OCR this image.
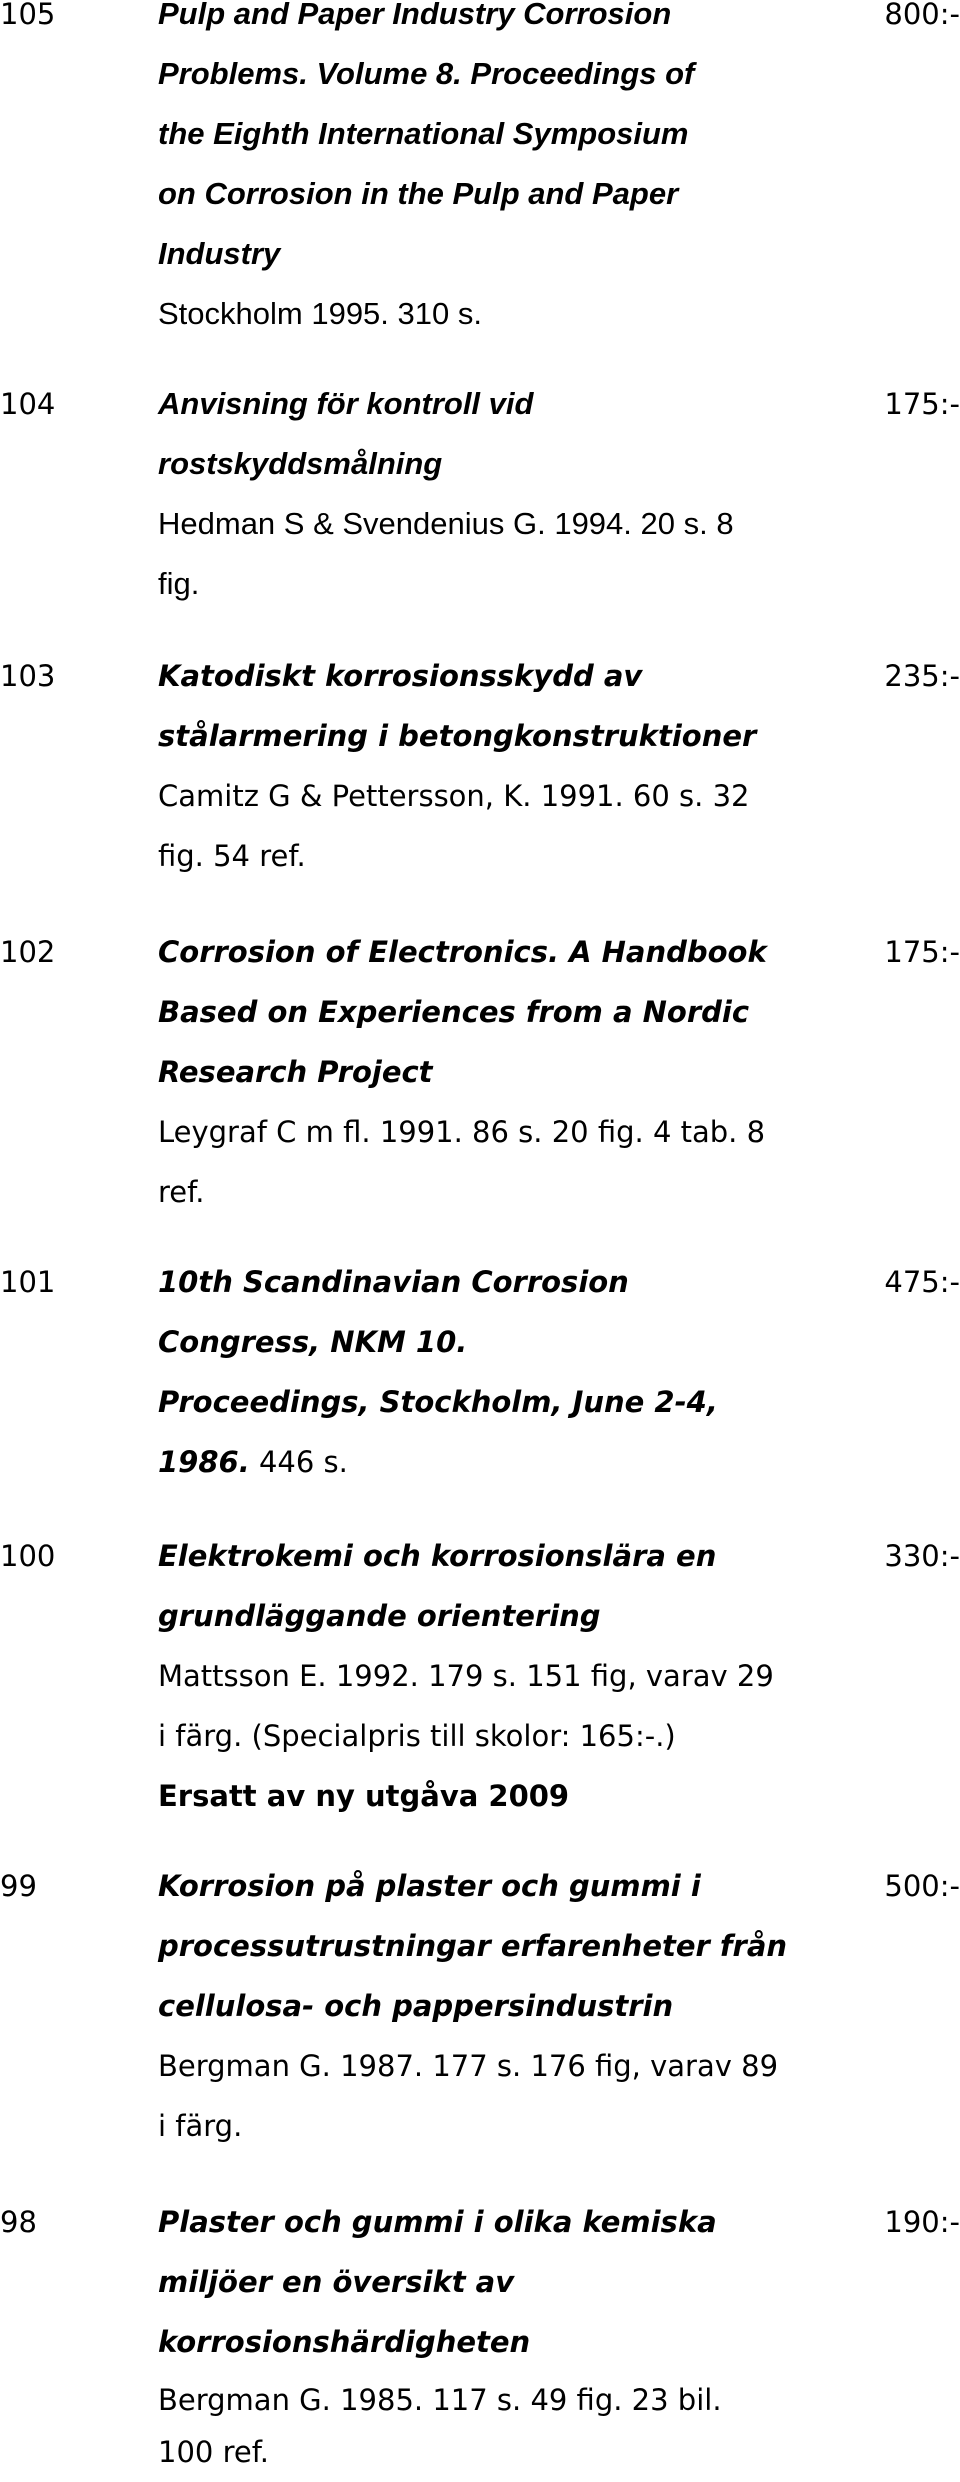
105	Pulp and Paper Industry Corrosion
Problems. Volume 8. Proceedings of
the Eighth International Symposium
on Corrosion in the Pulp and Paper
Industry
Stockholm 1995. 310 s.
800:-
104	Anvisning för kontroll vid
rostskyddsmålning
Hedman S & Svendenius G. 1994. 20 s. 8
fig.
175:-
103	Katodiskt korrosionsskydd av
stålarmering i betongkonstruktioner
Camitz G & Pettersson, K. 1991. 60 s. 32
fig. 54 ref.
235:-
102	Corrosion of Electronics. A Handbook
Based on Experiences from a Nordic
Research Project
Leygraf C m fl. 1991. 86 s. 20 fig. 4 tab. 8
ref.
175:-
101	10th Scandinavian Corrosion
Congress, NKM 10.
Proceedings, Stockholm, June 2-4,
1986. 446 s.
475:-
100	Elektrokemi och korrosionslära en
grundläggande orientering
Mattsson E. 1992. 179 s. 151 fig, varav 29
i färg. (Specialpris till skolor: 165:-.)
Ersatt av ny utgåva 2009
330:-
99	Korrosion på plaster och gummi i
processutrustningar erfarenheter från
cellulosa- och pappersindustrin
Bergman G. 1987. 177 s. 176 fig, varav 89
i färg.
500:-
98	Plaster och gummi i olika kemiska
miljöer en översikt av
korrosionshärdigheten
Bergman G. 1985. 117 s. 49 fig. 23 bil.
100 ref.
190:-
